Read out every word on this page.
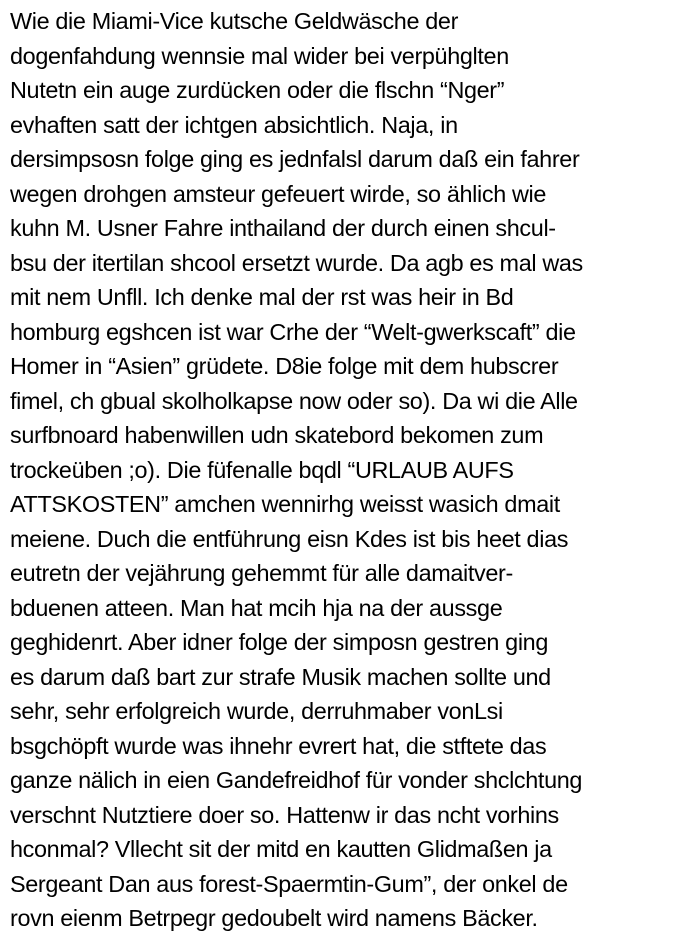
Wie die Miami-Vice kutsche Geldwäsche der
dogenfahdung wennsie mal wider bei verpühglten
Nutetn ein auge zurdücken oder die flschn “Nger”
evhaften satt der ichtgen absichtlich. Naja, in
dersimpsosn folge ging es jednfalsl darum daß ein fahrer
wegen drohgen amsteur gefeuert wirde, so ählich wie
kuhn M. Usner Fahre inthailand der durch einen shcul-
bsu der itertilan shcool ersetzt wurde. Da agb es mal was
mit nem Unfll. Ich denke mal der rst was heir in Bd
homburg egshcen ist war Crhe der “Welt-gwerkscaft” die
Homer in “Asien” grüdete. D8ie folge mit dem hubscrer
fimel, ch gbual skolholkapse now oder so). Da wi die Alle
surfbnoard habenwillen udn skatebord bekomen zum
trockeüben ;o). Die füfenalle bqdl “URLAUB AUFS
ATTSKOSTEN” amchen wennirhg weisst wasich dmait
meiene. Duch die entführung eisn Kdes ist bis heet dias
eutretn der vejährung gehemmt für alle damaitver-
bduenen atteen. Man hat mcih hja na der aussge
geghidenrt. Aber idner folge der simposn gestren ging
es darum daß bart zur strafe Musik machen sollte und
sehr, sehr erfolgreich wurde, derruhmaber vonLsi
bsgchöpft wurde was ihnehr evrert hat, die stftete das
ganze nälich in eien Gandefreidhof für vonder shclchtung
verschnt Nutztiere doer so. Hattenw ir das ncht vorhins
hconmal? Vllecht sit der mitd en kautten Glidmaßen ja
Sergeant Dan aus forest-Spaermtin-Gum”, der onkel de
rovn eienm Betrpegr gedoubelt wird namens Bäcker.
